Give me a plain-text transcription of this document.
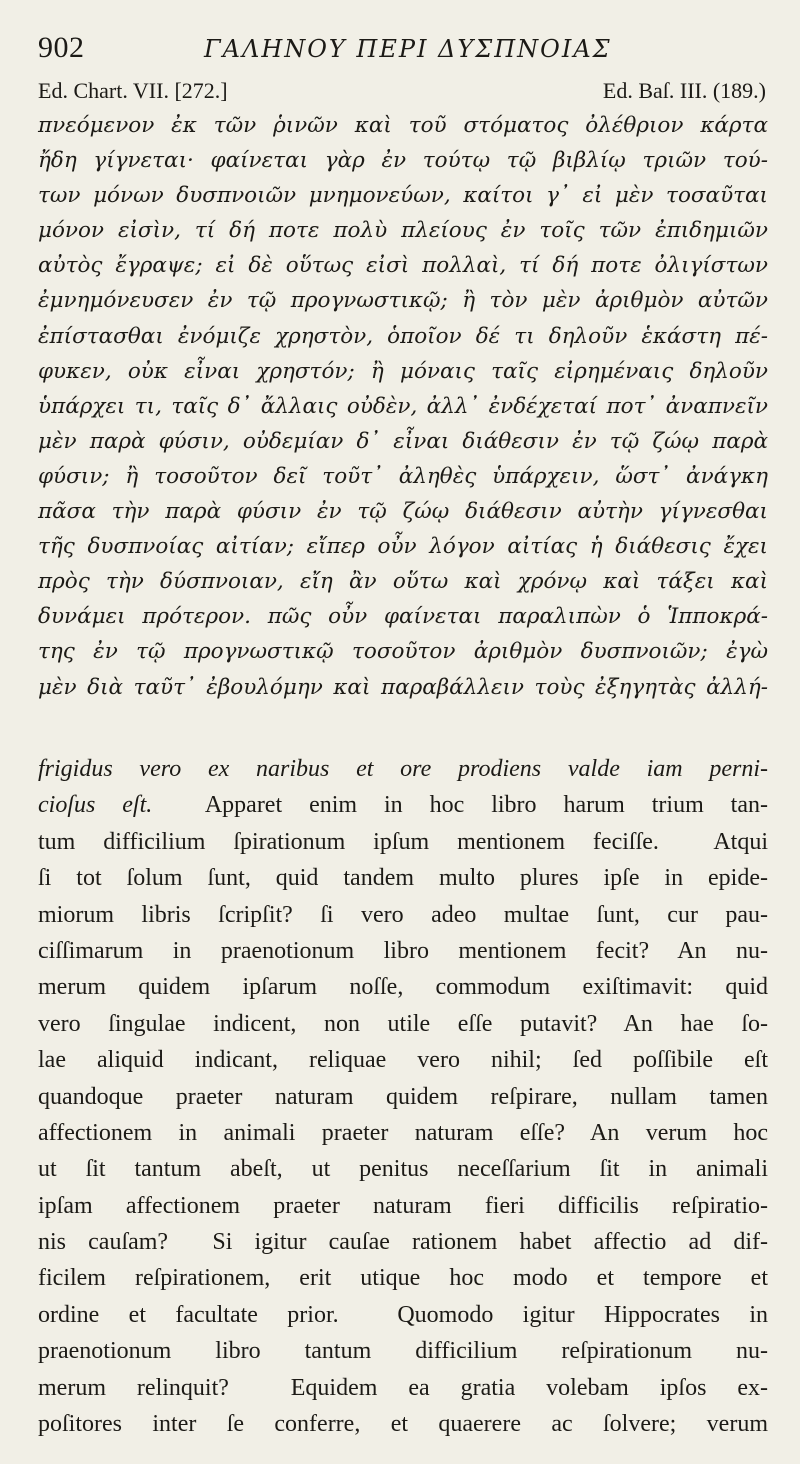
902	ΓΑΛΗΝΟΥ ΠΕΡΙ ΔΥΣΠΝΟΙΑΣ
Ed. Chart. VII. [272.]	Ed. Baſ. III. (189.)
πνεόμενον ἐκ τῶν ῥινῶν καὶ τοῦ στόματος ὀλέθριον κάρτα
ἤδη γίγνεται· φαίνεται γὰρ ἐν τούτῳ τῷ βιβλίῳ τριῶν τού-
των μόνων δυσπνοιῶν μνημονεύων, καίτοι γ᾽ εἰ μὲν τοσαῦται
μόνον εἰσὶν, τί δή ποτε πολὺ πλείους ἐν τοῖς τῶν ἐπιδημιῶν
αὐτὸς ἔγραψε; εἰ δὲ οὕτως εἰσὶ πολλαὶ, τί δή ποτε ὀλιγίστων
ἐμνημόνευσεν ἐν τῷ προγνωστικῷ; ἢ τὸν μὲν ἀριθμὸν αὐτῶν
ἐπίστασθαι ἐνόμιζε χρηστὸν, ὁποῖον δέ τι δηλοῦν ἑκάστη πέ-
φυκεν, οὐκ εἶναι χρηστόν; ἢ μόναις ταῖς εἰρημέναις δηλοῦν
ὑπάρχει τι, ταῖς δ᾽ ἄλλαις οὐδὲν, ἀλλ᾽ ἐνδέχεταί ποτ᾽ ἀναπνεῖν
μὲν παρὰ φύσιν, οὐδεμίαν δ᾽ εἶναι διάθεσιν ἐν τῷ ζώῳ παρὰ
φύσιν; ἢ τοσοῦτον δεῖ τοῦτ᾽ ἀληθὲς ὑπάρχειν, ὥστ᾽ ἀνάγκη
πᾶσα τὴν παρὰ φύσιν ἐν τῷ ζώῳ διάθεσιν αὐτὴν γίγνεσθαι
τῆς δυσπνοίας αἰτίαν; εἴπερ οὖν λόγον αἰτίας ἡ διάθεσις ἔχει
πρὸς τὴν δύσπνοιαν, εἴη ἂν οὕτω καὶ χρόνῳ καὶ τάξει καὶ
δυνάμει πρότερον. πῶς οὖν φαίνεται παραλιπὼν ὁ Ἱπποκρά-
της ἐν τῷ προγνωστικῷ τοσοῦτον ἀριθμὸν δυσπνοιῶν; ἐγὼ
μὲν διὰ ταῦτ᾽ ἐβουλόμην καὶ παραβάλλειν τοὺς ἐξηγητὰς ἀλλή-
frigidus vero ex naribus et ore prodiens valde iam perni-
cioſus eſt.  Apparet enim in hoc libro harum trium tan-
tum difficilium ſpirationum ipſum mentionem feciſſe.  Atqui
ſi tot ſolum ſunt, quid tandem multo plures ipſe in epide-
miorum libris ſcripſit? ſi vero adeo multae ſunt, cur pau-
ciſſimarum in praenotionum libro mentionem fecit? An nu-
merum quidem ipſarum noſſe, commodum exiſtimavit: quid
vero ſingulae indicent, non utile eſſe putavit? An hae ſo-
lae aliquid indicant, reliquae vero nihil; ſed poſſibile eſt
quandoque praeter naturam quidem reſpirare, nullam tamen
affectionem in animali praeter naturam eſſe? An verum hoc
ut ſit tantum abeſt, ut penitus neceſſarium ſit in animali
ipſam affectionem praeter naturam fieri difficilis reſpiratio-
nis cauſam?  Si igitur cauſae rationem habet affectio ad dif-
ficilem reſpirationem, erit utique hoc modo et tempore et
ordine et facultate prior.  Quomodo igitur Hippocrates in
praenotionum libro tantum difficilium reſpirationum nu-
merum relinquit?  Equidem ea gratia volebam ipſos ex-
poſitores inter ſe conferre, et quaerere ac ſolvere; verum
